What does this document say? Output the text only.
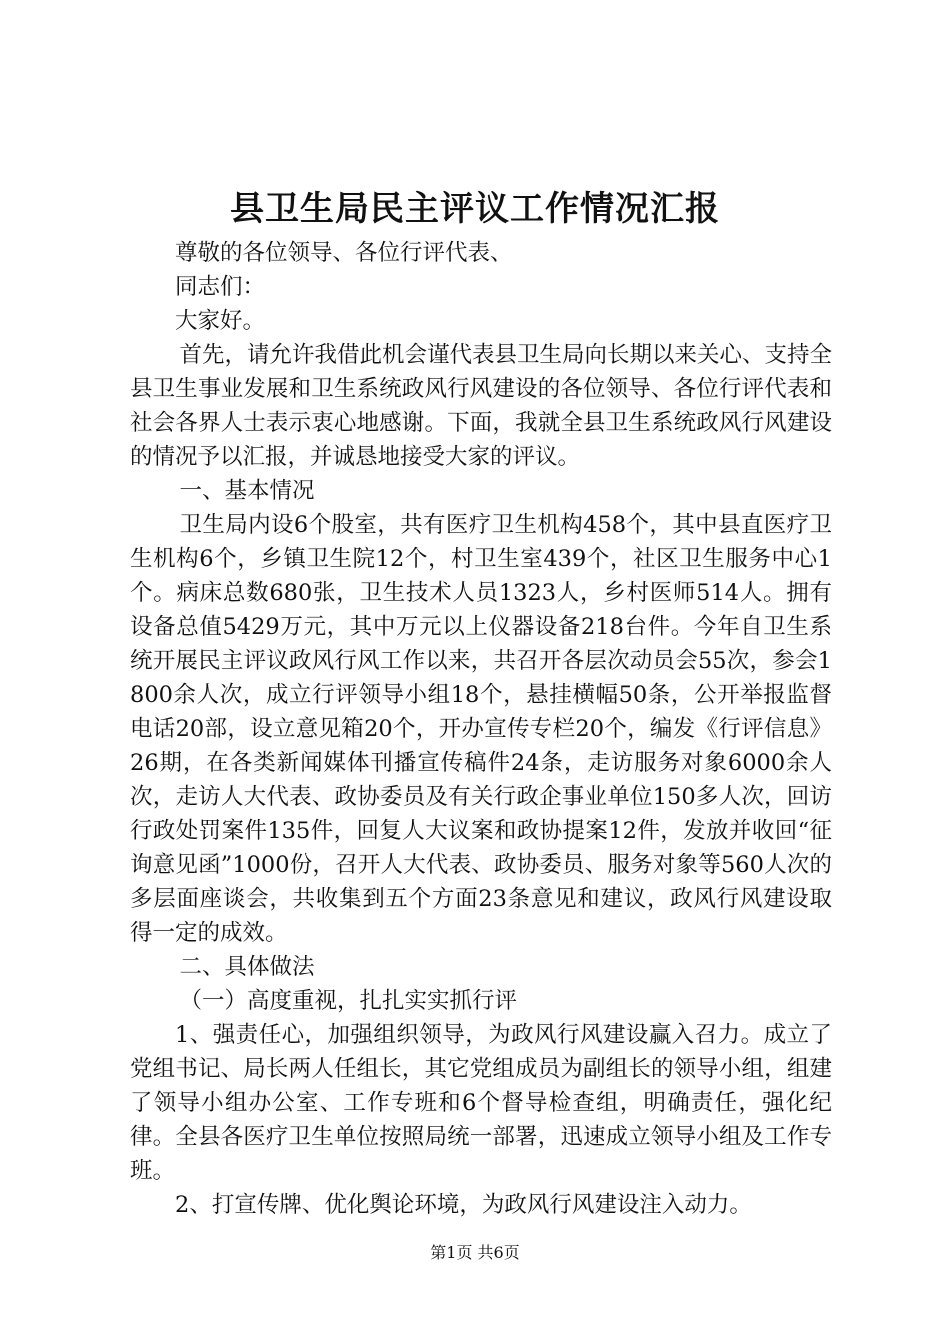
县卫生局民主评议工作情况汇报

尊敬的各位领导、各位行评代表、

同志们：

大家好。

首先，请允许我借此机会谨代表县卫生局向长期以来关心、支持全县卫生事业发展和卫生系统政风行风建设的各位领导、各位行评代表和社会各界人士表示衷心地感谢。下面，我就全县卫生系统政风行风建设的情况予以汇报，并诚恳地接受大家的评议。

一、基本情况

卫生局内设6个股室，共有医疗卫生机构458个，其中县直医疗卫生机构6个，乡镇卫生院12个，村卫生室439个，社区卫生服务中心1个。病床总数680张，卫生技术人员1323人，乡村医师514人。拥有设备总值5429万元，其中万元以上仪器设备218台件。今年自卫生系统开展民主评议政风行风工作以来，共召开各层次动员会55次，参会1800余人次，成立行评领导小组18个，悬挂横幅50条，公开举报监督电话20部，设立意见箱20个，开办宣传专栏20个，编发《行评信息》26期，在各类新闻媒体刊播宣传稿件24条，走访服务对象6000余人次，走访人大代表、政协委员及有关行政企事业单位150多人次，回访行政处罚案件135件，回复人大议案和政协提案12件，发放并收回“征询意见函”1000份，召开人大代表、政协委员、服务对象等560人次的多层面座谈会，共收集到五个方面23条意见和建议，政风行风建设取得一定的成效。

二、具体做法

（一）高度重视，扎扎实实抓行评

1、强责任心，加强组织领导，为政风行风建设赢入召力。成立了党组书记、局长两人任组长，其它党组成员为副组长的领导小组，组建了领导小组办公室、工作专班和6个督导检查组，明确责任，强化纪律。全县各医疗卫生单位按照局统一部署，迅速成立领导小组及工作专班。

2、打宣传牌、优化舆论环境，为政风行风建设注入动力。

第1页 共6页
